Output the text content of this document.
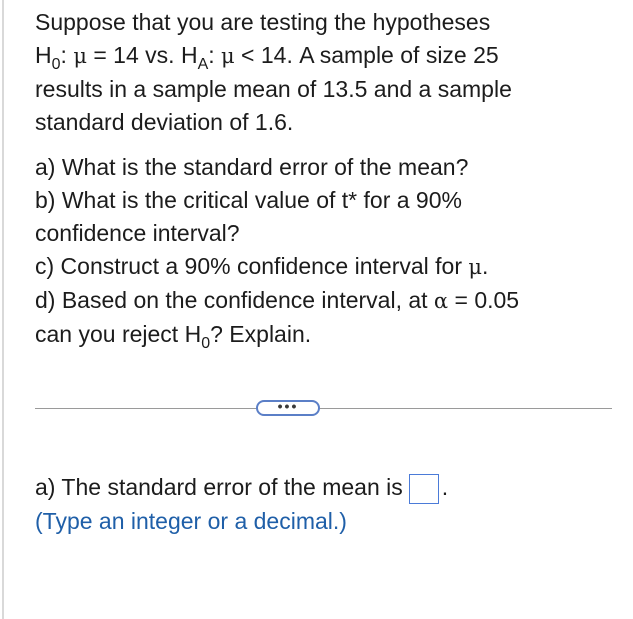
Suppose that you are testing the hypotheses
$H_0$: μ = 14 vs. $H_A$: μ < 14. A sample of size 25
results in a sample mean of 13.5 and a sample
standard deviation of 1.6.

a) What is the standard error of the mean?
b) What is the critical value of t* for a 90%
confidence interval?
c) Construct a 90% confidence interval for μ.
d) Based on the confidence interval, at α = 0.05
can you reject $H_0$? Explain.

•••
a) The standard error of the mean is .
(Type an integer or a decimal.)
